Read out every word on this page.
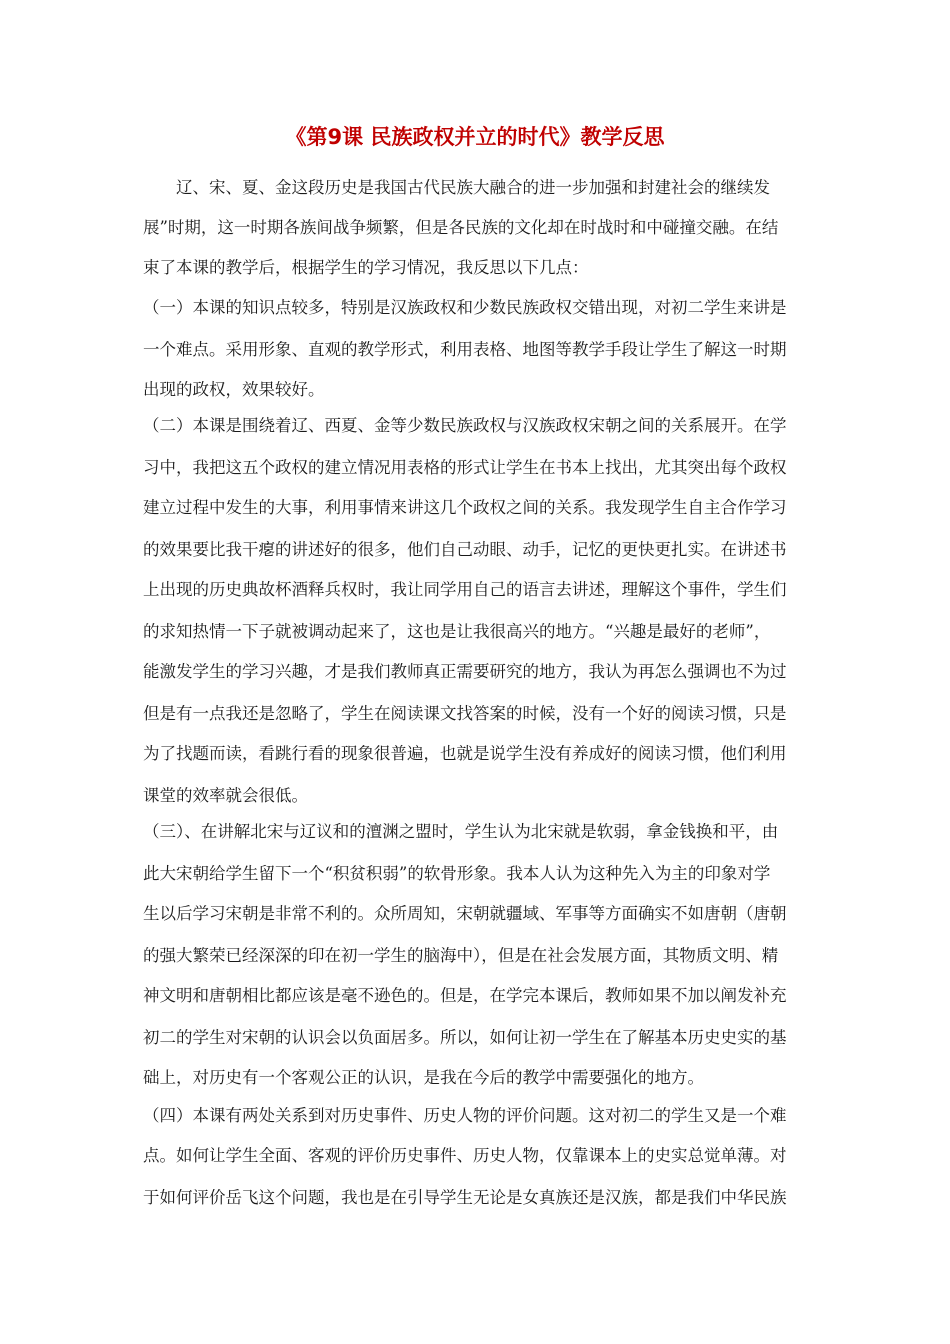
《第9课 民族政权并立的时代》教学反思
辽、宋、夏、金这段历史是我国古代民族大融合的进一步加强和封建社会的继续发
展”时期，这一时期各族间战争频繁，但是各民族的文化却在时战时和中碰撞交融。在结
束了本课的教学后，根据学生的学习情况，我反思以下几点：
（一）本课的知识点较多，特别是汉族政权和少数民族政权交错出现，对初二学生来讲是
一个难点。采用形象、直观的教学形式，利用表格、地图等教学手段让学生了解这一时期
出现的政权，效果较好。
（二）本课是围绕着辽、西夏、金等少数民族政权与汉族政权宋朝之间的关系展开。在学
习中，我把这五个政权的建立情况用表格的形式让学生在书本上找出，尤其突出每个政权
建立过程中发生的大事，利用事情来讲这几个政权之间的关系。我发现学生自主合作学习
的效果要比我干瘪的讲述好的很多，他们自己动眼、动手，记忆的更快更扎实。在讲述书
上出现的历史典故杯酒释兵权时，我让同学用自己的语言去讲述，理解这个事件，学生们
的求知热情一下子就被调动起来了，这也是让我很高兴的地方。“兴趣是最好的老师”，
能激发学生的学习兴趣，才是我们教师真正需要研究的地方，我认为再怎么强调也不为过
但是有一点我还是忽略了，学生在阅读课文找答案的时候，没有一个好的阅读习惯，只是
为了找题而读，看跳行看的现象很普遍，也就是说学生没有养成好的阅读习惯，他们利用
课堂的效率就会很低。
（三）、在讲解北宋与辽议和的澶渊之盟时，学生认为北宋就是软弱，拿金钱换和平，由
此大宋朝给学生留下一个“积贫积弱”的软骨形象。我本人认为这种先入为主的印象对学
生以后学习宋朝是非常不利的。众所周知，宋朝就疆域、军事等方面确实不如唐朝（唐朝
的强大繁荣已经深深的印在初一学生的脑海中），但是在社会发展方面，其物质文明、精
神文明和唐朝相比都应该是毫不逊色的。但是，在学完本课后，教师如果不加以阐发补充
初二的学生对宋朝的认识会以负面居多。所以，如何让初一学生在了解基本历史史实的基
础上，对历史有一个客观公正的认识，是我在今后的教学中需要强化的地方。
（四）本课有两处关系到对历史事件、历史人物的评价问题。这对初二的学生又是一个难
点。如何让学生全面、客观的评价历史事件、历史人物，仅靠课本上的史实总觉单薄。对
于如何评价岳飞这个问题，我也是在引导学生无论是女真族还是汉族，都是我们中华民族
